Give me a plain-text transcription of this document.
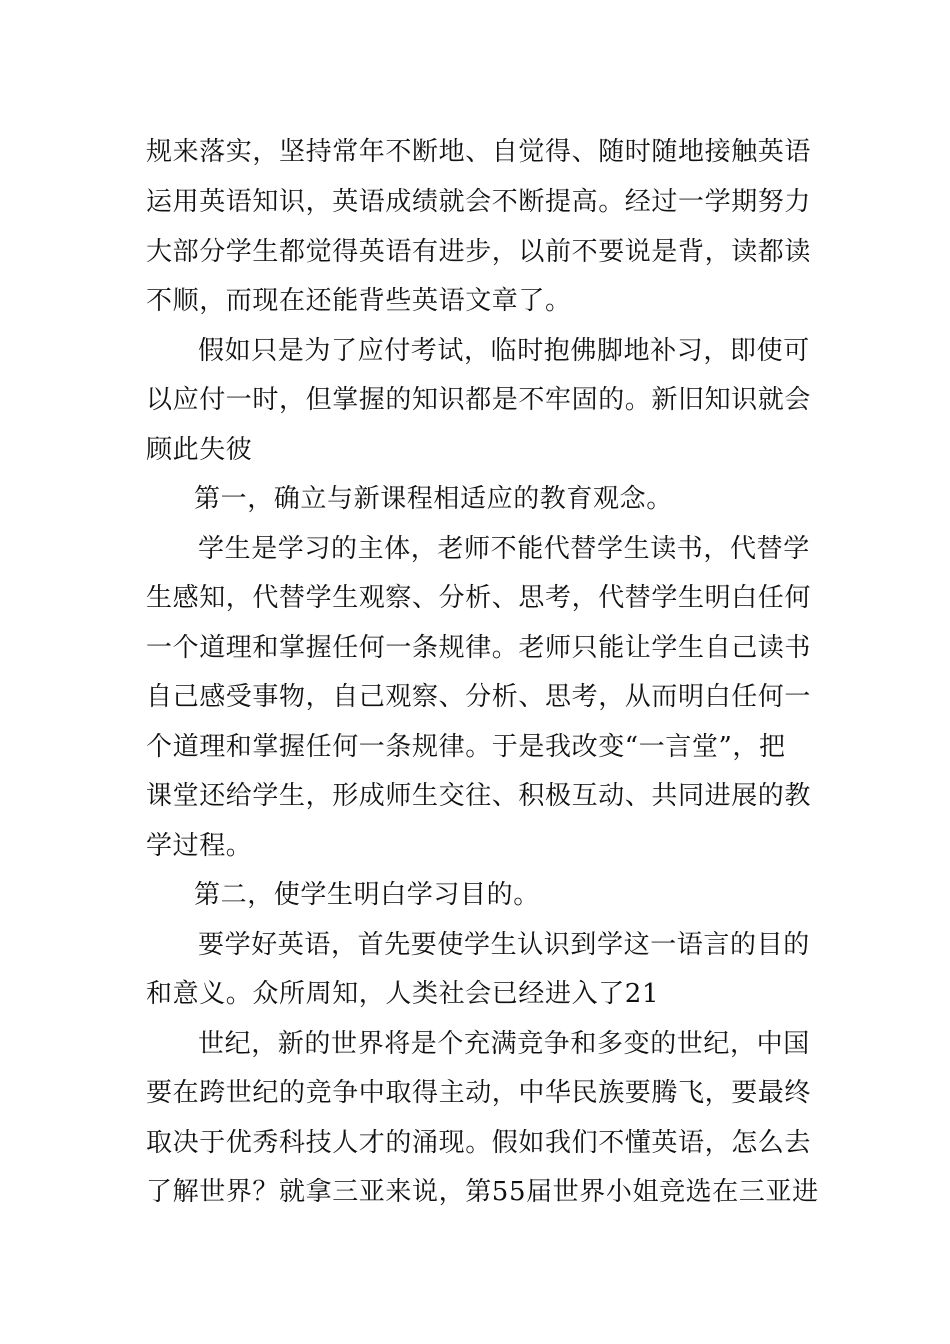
规来落实，坚持常年不断地、自觉得、随时随地接触英语
运用英语知识，英语成绩就会不断提高。经过一学期努力
大部分学生都觉得英语有进步，以前不要说是背，读都读
不顺，而现在还能背些英语文章了。
假如只是为了应付考试，临时抱佛脚地补习，即使可
以应付一时，但掌握的知识都是不牢固的。新旧知识就会
顾此失彼
第一，确立与新课程相适应的教育观念。
学生是学习的主体，老师不能代替学生读书，代替学
生感知，代替学生观察、分析、思考，代替学生明白任何
一个道理和掌握任何一条规律。老师只能让学生自己读书
自己感受事物，自己观察、分析、思考，从而明白任何一
个道理和掌握任何一条规律。于是我改变“一言堂”，把
课堂还给学生，形成师生交往、积极互动、共同进展的教
学过程。
第二，使学生明白学习目的。
要学好英语，首先要使学生认识到学这一语言的目的
和意义。众所周知，人类社会已经进入了21
世纪，新的世界将是个充满竞争和多变的世纪，中国
要在跨世纪的竞争中取得主动，中华民族要腾飞，要最终
取决于优秀科技人才的涌现。假如我们不懂英语，怎么去
了解世界？就拿三亚来说，第55届世界小姐竞选在三亚进
